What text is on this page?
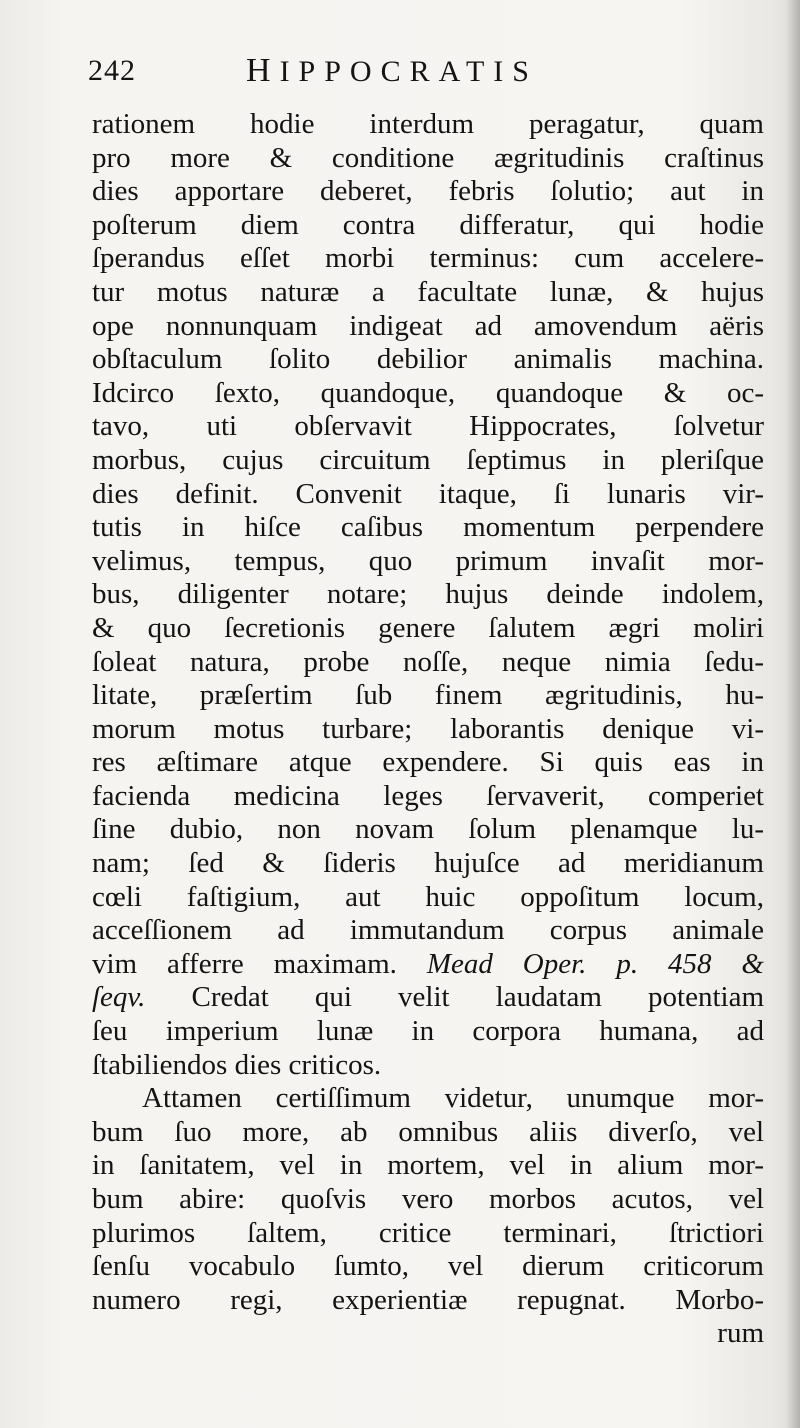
242	HIPPOCRATIS
rationem hodie interdum peragatur, quam
pro more & conditione ægritudinis craſtinus
dies apportare deberet, febris ſolutio; aut in
poſterum diem contra differatur, qui hodie
ſperandus eſſet morbi terminus: cum accelere-
tur motus naturæ a facultate lunæ, & hujus
ope nonnunquam indigeat ad amovendum aëris
obſtaculum ſolito debilior animalis machina.
Idcirco ſexto, quandoque, quandoque & oc-
tavo, uti obſervavit Hippocrates, ſolvetur
morbus, cujus circuitum ſeptimus in pleriſque
dies definit. Convenit itaque, ſi lunaris vir-
tutis in hiſce caſibus momentum perpendere
velimus, tempus, quo primum invaſit mor-
bus, diligenter notare; hujus deinde indolem,
& quo ſecretionis genere ſalutem ægri moliri
ſoleat natura, probe noſſe, neque nimia ſedu-
litate, præſertim ſub finem ægritudinis, hu-
morum motus turbare; laborantis denique vi-
res æſtimare atque expendere. Si quis eas in
facienda medicina leges ſervaverit, comperiet
ſine dubio, non novam ſolum plenamque lu-
nam; ſed & ſideris hujuſce ad meridianum
cœli faſtigium, aut huic oppoſitum locum,
acceſſionem ad immutandum corpus animale
vim afferre maximam. Mead Oper. p. 458 &
ſeqv. Credat qui velit laudatam potentiam
ſeu imperium lunæ in corpora humana, ad
ſtabiliendos dies criticos.
Attamen certiſſimum videtur, unumque mor-
bum ſuo more, ab omnibus aliis diverſo, vel
in ſanitatem, vel in mortem, vel in alium mor-
bum abire: quoſvis vero morbos acutos, vel
plurimos ſaltem, critice terminari, ſtrictiori
ſenſu vocabulo ſumto, vel dierum criticorum
numero regi, experientiæ repugnat. Morbo-
rum
